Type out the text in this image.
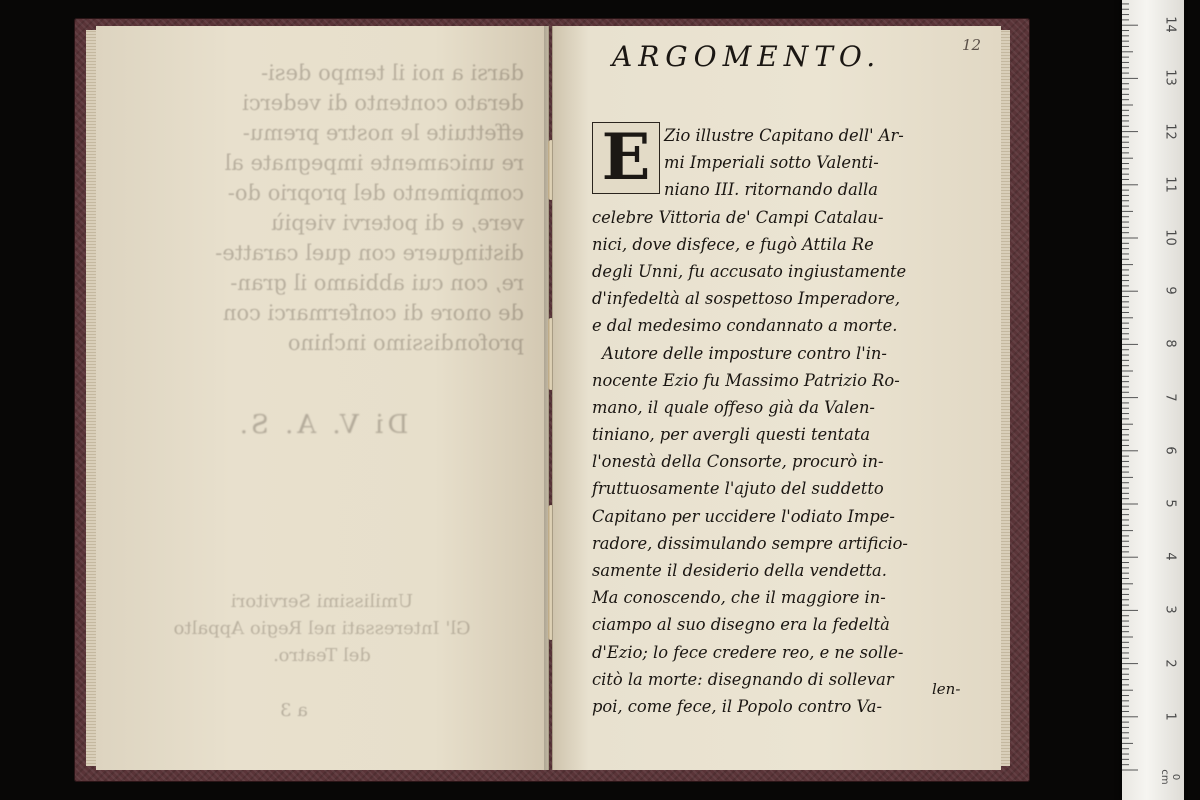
darsi a noi il tempo desi-
derato contento di vederci
effettuite le nostre premu-
re unicamente impegnate al
compimento del proprio do-
vere, e di potervi viepiù
distinguere con quel caratte-
re, con cui abbiamo il gran-
de onore di confermarci con
profondissimo inchino
Di V. A. S.
Umilissimi Servitori
Gl' Interessati nel Regio Appalto
del Teatro.
a 3
12
ARGOMENTO.
E Zio illustre Capitano dell' Ar-
mi Imperiali sotto Valenti-
niano III. ritornando dalla
celebre Vittoria de' Campi Catalau-
nici, dove disfece, e fugò Attila Re
degli Unni, fu accusato ingiustamente
d'infedeltà al sospettoso Imperadore,
e dal medesimo condannato a morte.
Autore delle imposture contro l'in-
nocente Ezio fu Massimo Patrizio Ro-
mano, il quale offeso già da Valen-
tiniano, per avergli questi tentata
l'onestà della Consorte, procurò in-
fruttuosamente l'ajuto del suddetto
Capitano per uccidere l'odiato Impe-
radore, dissimulando sempre artificio-
samente il desiderio della vendetta.
Ma conoscendo, che il maggiore in-
ciampo al suo disegno era la fedeltà
d'Ezio; lo fece credere reo, e ne solle-
citò la morte: disegnando di sollevar
poi, come fece, il Popolo contro Va-
len-
0 cm
1
2
3
4
5
6
7
8
9
10
11
12
13
14
